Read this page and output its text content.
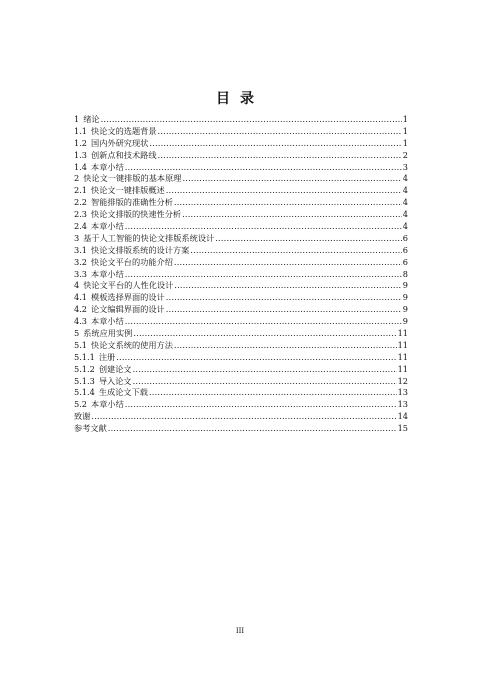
目录
1 绪论 .....	1
1.1 快论文的选题背景 .....	1
1.2 国内外研究现状 .....	1
1.3 创新点和技术路线 .....	2
1.4 本章小结 .....	3
2 快论文一键排版的基本原理 .....	4
2.1 快论文一键排版概述 .....	4
2.2 智能排版的准确性分析 .....	4
2.3 快论文排版的快速性分析 .....	4
2.4 本章小结 .....	4
3 基于人工智能的快论文排版系统设计 .....	6
3.1 快论文排版系统的设计方案 .....	6
3.2 快论文平台的功能介绍 .....	6
3.3 本章小结 .....	8
4 快论文平台的人性化设计 .....	9
4.1 模板选择界面的设计 .....	9
4.2 论文编辑界面的设计 .....	9
4.3 本章小结 .....	9
5 系统应用实例 .....	11
5.1 快论文系统的使用方法 .....	11
5.1.1 注册 .....	11
5.1.2 创建论文 .....	11
5.1.3 导入论文 .....	12
5.1.4 生成论文下载 .....	13
5.2 本章小结 .....	13
致谢 .....	14
参考文献 .....	15
III
